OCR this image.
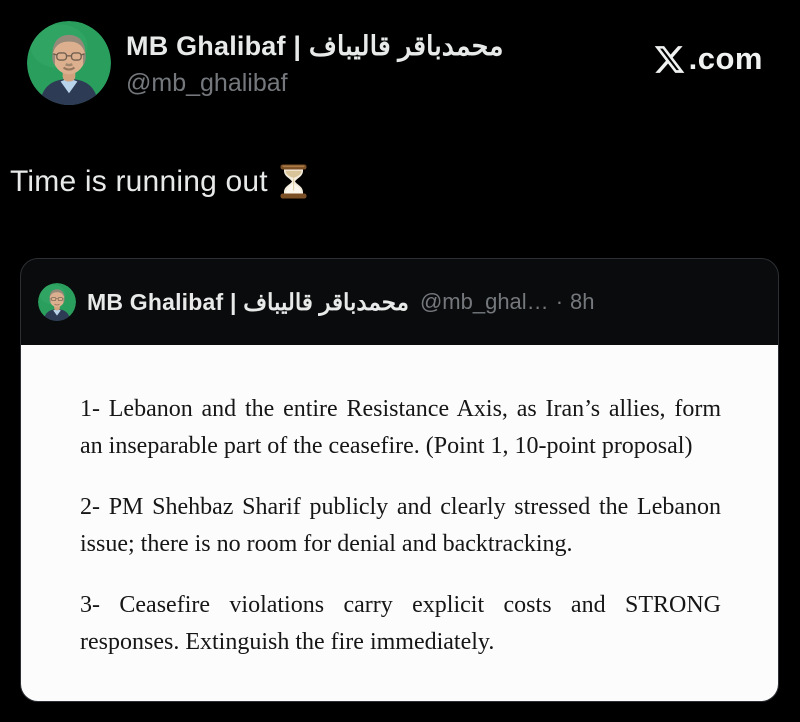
MB Ghalibaf | محمدباقر قالیباف
@mb_ghalibaf
.com
Time is running out
MB Ghalibaf | محمدباقر قالیباف @mb_ghal… · 8h
1- Lebanon and the entire Resistance Axis, as Iran’s allies, form
an inseparable part of the ceasefire. (Point 1, 10-point proposal)
2- PM Shehbaz Sharif publicly and clearly stressed the Lebanon
issue; there is no room for denial and backtracking.
3- Ceasefire violations carry explicit costs and STRONG
responses. Extinguish the fire immediately.
